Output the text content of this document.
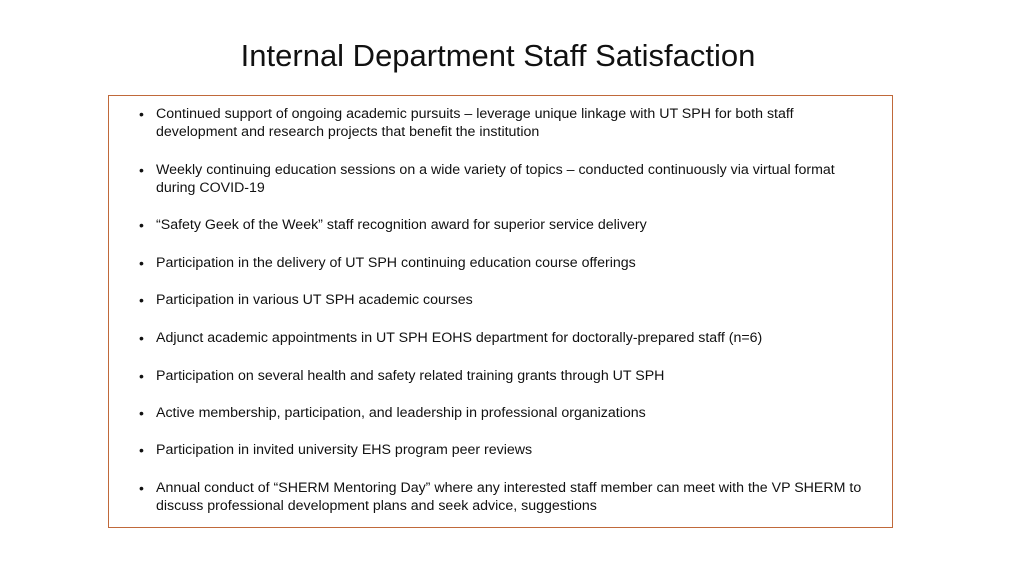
Internal Department Staff Satisfaction
• Continued support of ongoing academic pursuits – leverage unique linkage with UT SPH for both staff development and research projects that benefit the institution
• Weekly continuing education sessions on a wide variety of topics – conducted continuously via virtual format during COVID-19
• “Safety Geek of the Week” staff recognition award for superior service delivery
• Participation in the delivery of UT SPH continuing education course offerings
• Participation in various UT SPH academic courses
• Adjunct academic appointments in UT SPH EOHS department for doctorally-prepared staff (n=6)
• Participation on several health and safety related training grants through UT SPH
• Active membership, participation, and leadership in professional organizations
• Participation in invited university EHS program peer reviews
• Annual conduct of “SHERM Mentoring Day” where any interested staff member can meet with the VP SHERM to discuss professional development plans and seek advice, suggestions
